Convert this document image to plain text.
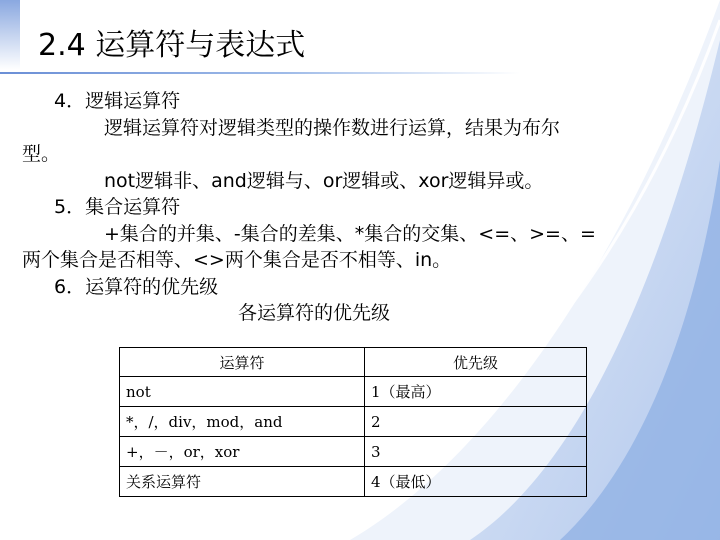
2.4 运算符与表达式
4．逻辑运算符
逻辑运算符对逻辑类型的操作数进行运算，结果为布尔
型。
not逻辑非、and逻辑与、or逻辑或、xor逻辑异或。
5．集合运算符
+集合的并集、-集合的差集、*集合的交集、<=、>=、=
两个集合是否相等、<>两个集合是否不相等、in。
6．运算符的优先级
各运算符的优先级
运算符	优先级
not	1（最高）
*，/，div，mod，and	2
+，－，or，xor	3
关系运算符	4（最低）
